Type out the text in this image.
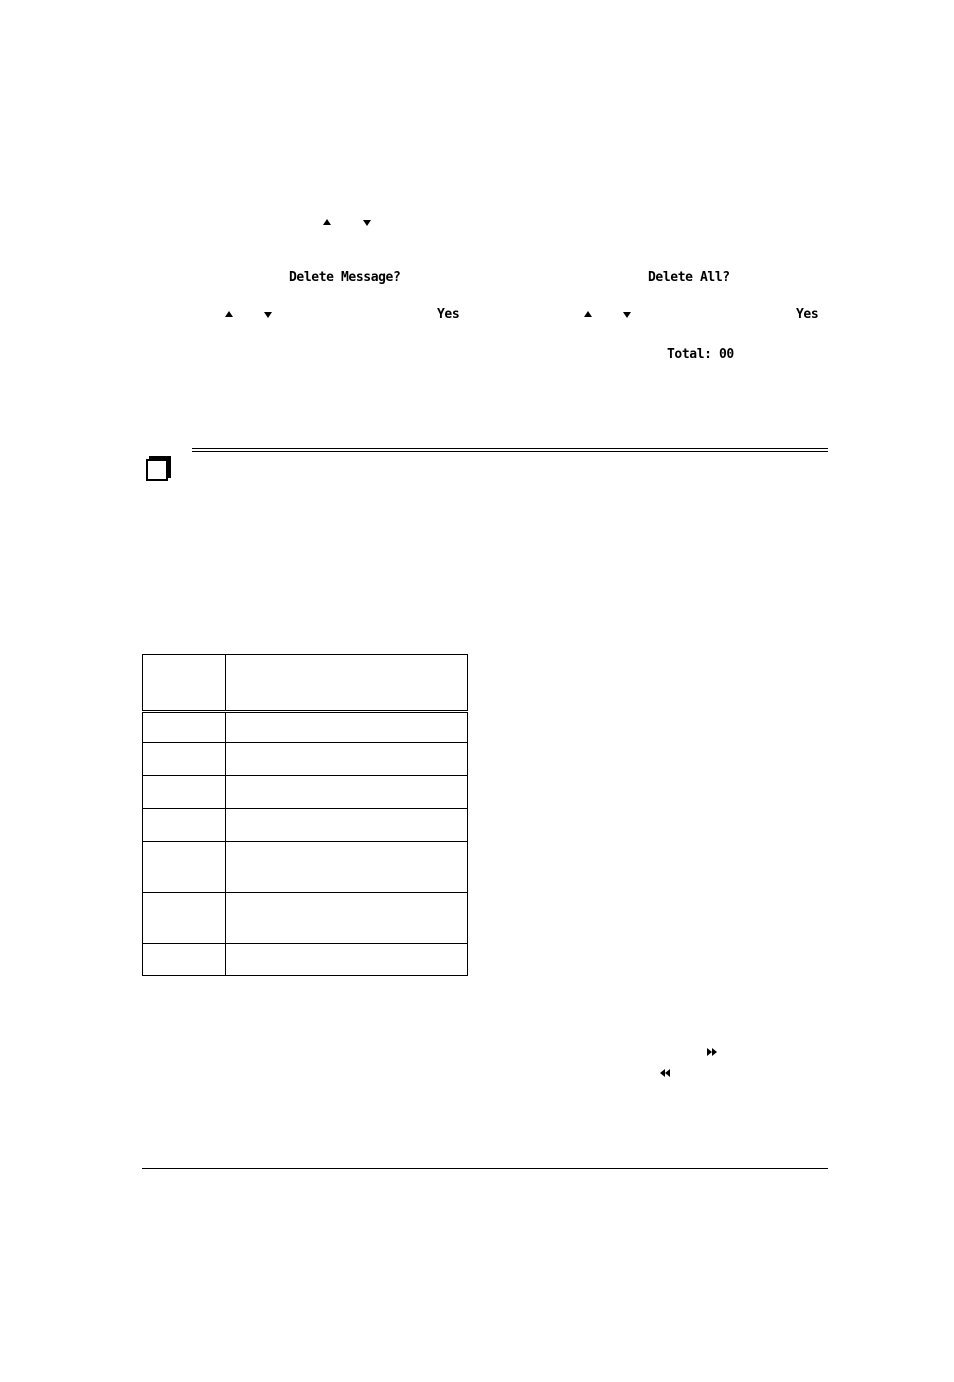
Delete Message?	Delete All?
Yes	Yes
Total: 00
